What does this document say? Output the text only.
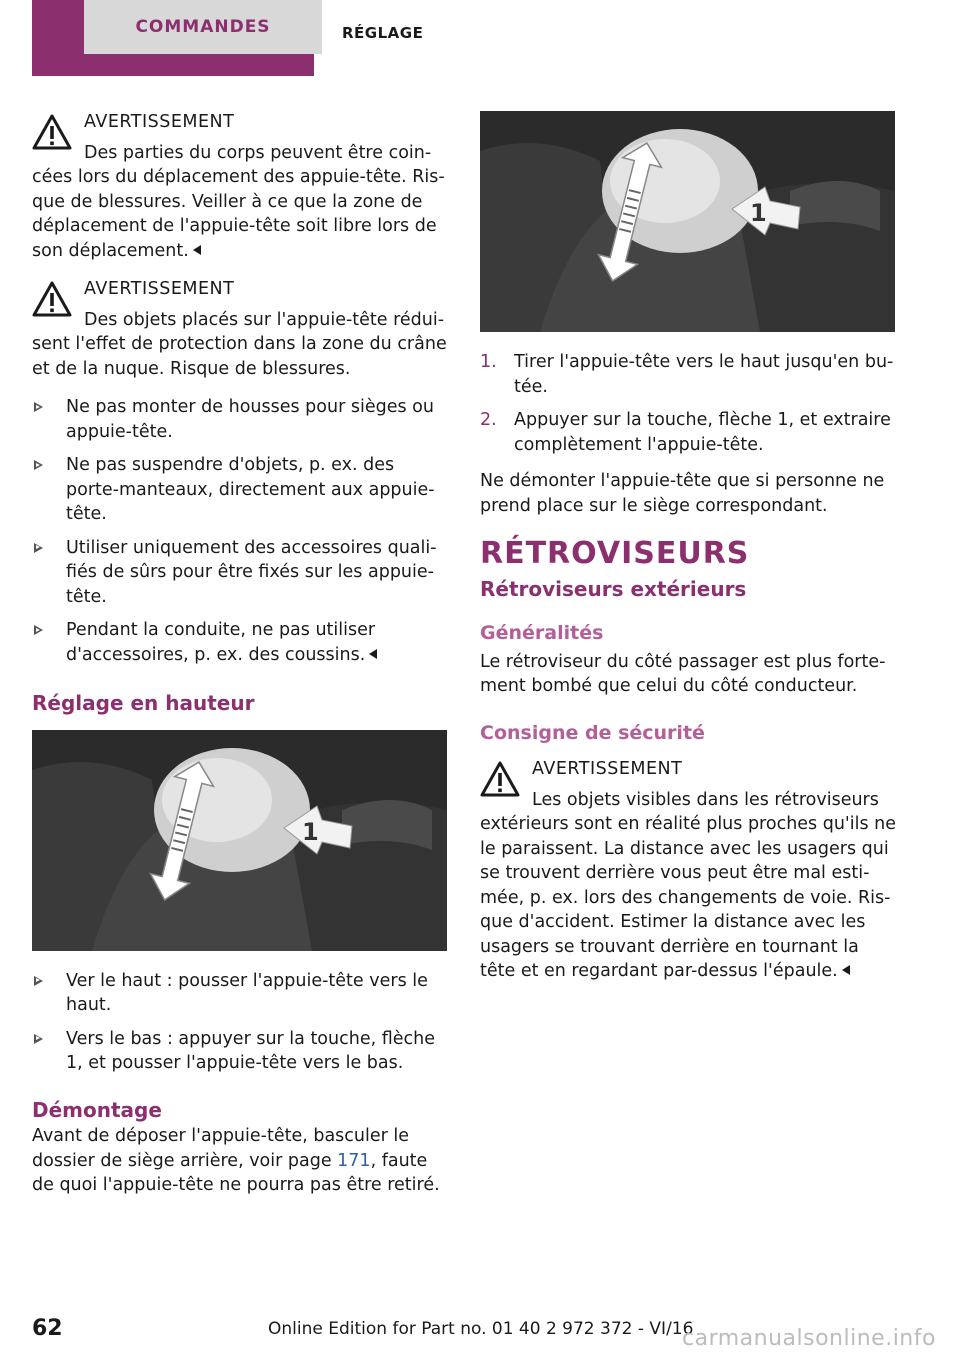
COMMANDES	RÉGLAGE
AVERTISSEMENT
Des parties du corps peuvent être coincées lors du déplacement des appuie-tête. Risque de blessures. Veiller à ce que la zone de déplacement de l'appuie-tête soit libre lors de son déplacement.
AVERTISSEMENT
Des objets placés sur l'appuie-tête réduisent l'effet de protection dans la zone du crâne et de la nuque. Risque de blessures.
Ne pas monter de housses pour sièges ou appuie-tête.
Ne pas suspendre d'objets, p. ex. des porte-manteaux, directement aux appuie-tête.
Utiliser uniquement des accessoires qualifiés de sûrs pour être fixés sur les appuie-tête.
Pendant la conduite, ne pas utiliser d'accessoires, p. ex. des coussins.
Réglage en hauteur
1
Ver le haut : pousser l'appuie-tête vers le haut.
Vers le bas : appuyer sur la touche, flèche 1, et pousser l'appuie-tête vers le bas.
Démontage

Avant de déposer l'appuie-tête, basculer le dossier de siège arrière, voir page 171, faute de quoi l'appuie-tête ne pourra pas être retiré.

1
1. Tirer l'appuie-tête vers le haut jusqu'en butée.
2. Appuyer sur la touche, flèche 1, et extraire complètement l'appuie-tête.

Ne démonter l'appuie-tête que si personne ne prend place sur le siège correspondant.

RÉTROVISEURS
Rétroviseurs extérieurs
Généralités

Le rétroviseur du côté passager est plus fortement bombé que celui du côté conducteur.

Consigne de sécurité
AVERTISSEMENT
Les objets visibles dans les rétroviseurs extérieurs sont en réalité plus proches qu'ils ne le paraissent. La distance avec les usagers qui se trouvent derrière vous peut être mal estimée, p. ex. lors des changements de voie. Risque d'accident. Estimer la distance avec les usagers se trouvant derrière en tournant la tête et en regardant par-dessus l'épaule.
62	Online Edition for Part no. 01 40 2 972 372 - VI/16
carmanualsonline.info
